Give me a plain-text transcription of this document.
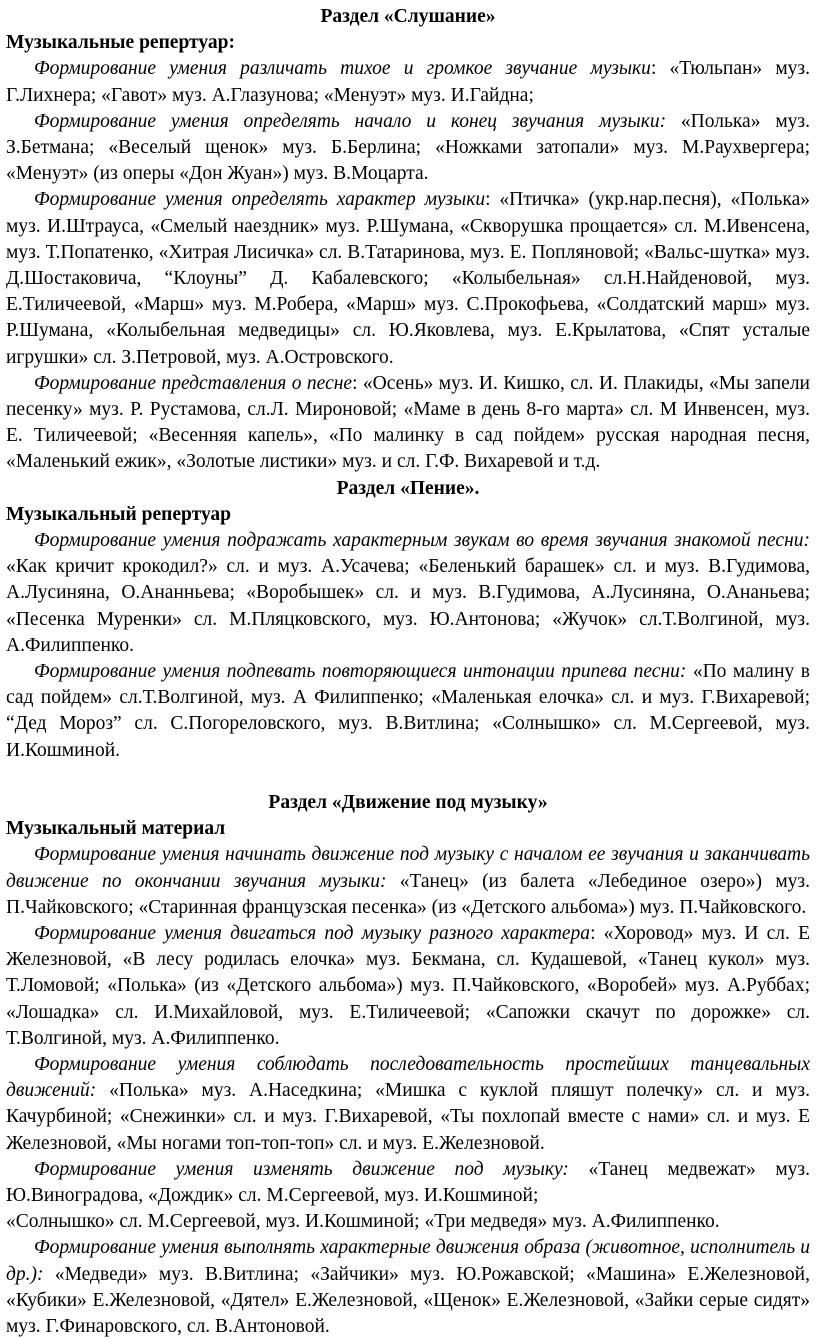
Раздел «Слушание»

Музыкальные репертуар:

Формирование умения различать тихое и громкое звучание музыки: «Тюльпан» муз. Г.Лихнера; «Гавот» муз. А.Глазунова; «Менуэт» муз. И.Гайдна;

Формирование умения определять начало и конец звучания музыки: «Полька» муз. З.Бетмана; «Веселый щенок» муз. Б.Берлина; «Ножками затопали» муз. М.Раухвергера; «Менуэт» (из оперы «Дон Жуан») муз. В.Моцарта.

Формирование умения определять характер музыки: «Птичка» (укр.нар.песня), «Полька» муз. И.Штрауса, «Смелый наездник» муз. Р.Шумана, «Скворушка прощается» сл. М.Ивенсена, муз. Т.Попатенко, «Хитрая Лисичка» сл. В.Татаринова, муз. Е. Попляновой; «Вальс-шутка» муз. Д.Шостаковича, “Клоуны” Д. Кабалевского; «Колыбельная» сл.Н.Найденовой, муз. Е.Тиличеевой, «Марш» муз. М.Робера, «Марш» муз. С.Прокофьева, «Солдатский марш» муз. Р.Шумана, «Колыбельная медведицы» сл. Ю.Яковлева, муз. Е.Крылатова, «Спят усталые игрушки» сл. З.Петровой, муз. А.Островского.

Формирование представления о песне: «Осень» муз. И. Кишко, сл. И. Плакиды, «Мы запели песенку» муз. Р. Рустамова, сл.Л. Мироновой; «Маме в день 8-го марта» сл. М Инвенсен, муз. Е. Тиличеевой; «Весенняя капель», «По малинку в сад пойдем» русская народная песня, «Маленький ежик», «Золотые листики» муз. и сл. Г.Ф. Вихаревой и т.д.

Раздел «Пение».

Музыкальный репертуар

Формирование умения подражать характерным звукам во время звучания знакомой песни: «Как кричит крокодил?» сл. и муз. А.Усачева; «Беленький барашек» сл. и муз. В.Гудимова, А.Лусиняна, О.Ананньева; «Воробышек» сл. и муз. В.Гудимова, А.Лусиняна, О.Ананьева; «Песенка Муренки» сл. М.Пляцковского, муз. Ю.Антонова; «Жучок» сл.Т.Волгиной, муз. А.Филиппенко.

Формирование умения подпевать повторяющиеся интонации припева песни: «По малину в сад пойдем» сл.Т.Волгиной, муз. А Филиппенко; «Маленькая елочка» сл. и муз. Г.Вихаревой; “Дед Мороз” сл. С.Погореловского, муз. В.Витлина; «Солнышко» сл. М.Сергеевой, муз. И.Кошминой.

Раздел «Движение под музыку»

Музыкальный материал

Формирование умения начинать движение под музыку с началом ее звучания и заканчивать движение по окончании звучания музыки: «Танец» (из балета «Лебединое озеро») муз. П.Чайковского; «Старинная французская песенка» (из «Детского альбома») муз. П.Чайковского.

Формирование умения двигаться под музыку разного характера: «Хоровод» муз. И сл. Е Железновой, «В лесу родилась елочка» муз. Бекмана, сл. Кудашевой, «Танец кукол» муз. Т.Ломовой; «Полька» (из «Детского альбома») муз. П.Чайковского, «Воробей» муз. А.Руббах; «Лошадка» сл. И.Михайловой, муз. Е.Тиличеевой; «Сапожки скачут по дорожке» сл. Т.Волгиной, муз. А.Филиппенко.

Формирование умения соблюдать последовательность простейших танцевальных движений: «Полька» муз. А.Наседкина; «Мишка с куклой пляшут полечку» сл. и муз. Качурбиной; «Снежинки» сл. и муз. Г.Вихаревой, «Ты похлопай вместе с нами» сл. и муз. Е Железновой, «Мы ногами топ-топ-топ» сл. и муз. Е.Железновой.

Формирование умения изменять движение под музыку: «Танец медвежат» муз. Ю.Виноградова, «Дождик» сл. М.Сергеевой, муз. И.Кошминой;

«Солнышко» сл. М.Сергеевой, муз. И.Кошминой; «Три медведя» муз. А.Филиппенко.

Формирование умения выполнять характерные движения образа (животное, исполнитель и др.): «Медведи» муз. В.Витлина; «Зайчики» муз. Ю.Рожавской; «Машина» Е.Железновой, «Кубики» Е.Железновой, «Дятел» Е.Железновой, «Щенок» Е.Железновой, «Зайки серые сидят» муз. Г.Финаровского, сл. В.Антоновой.
